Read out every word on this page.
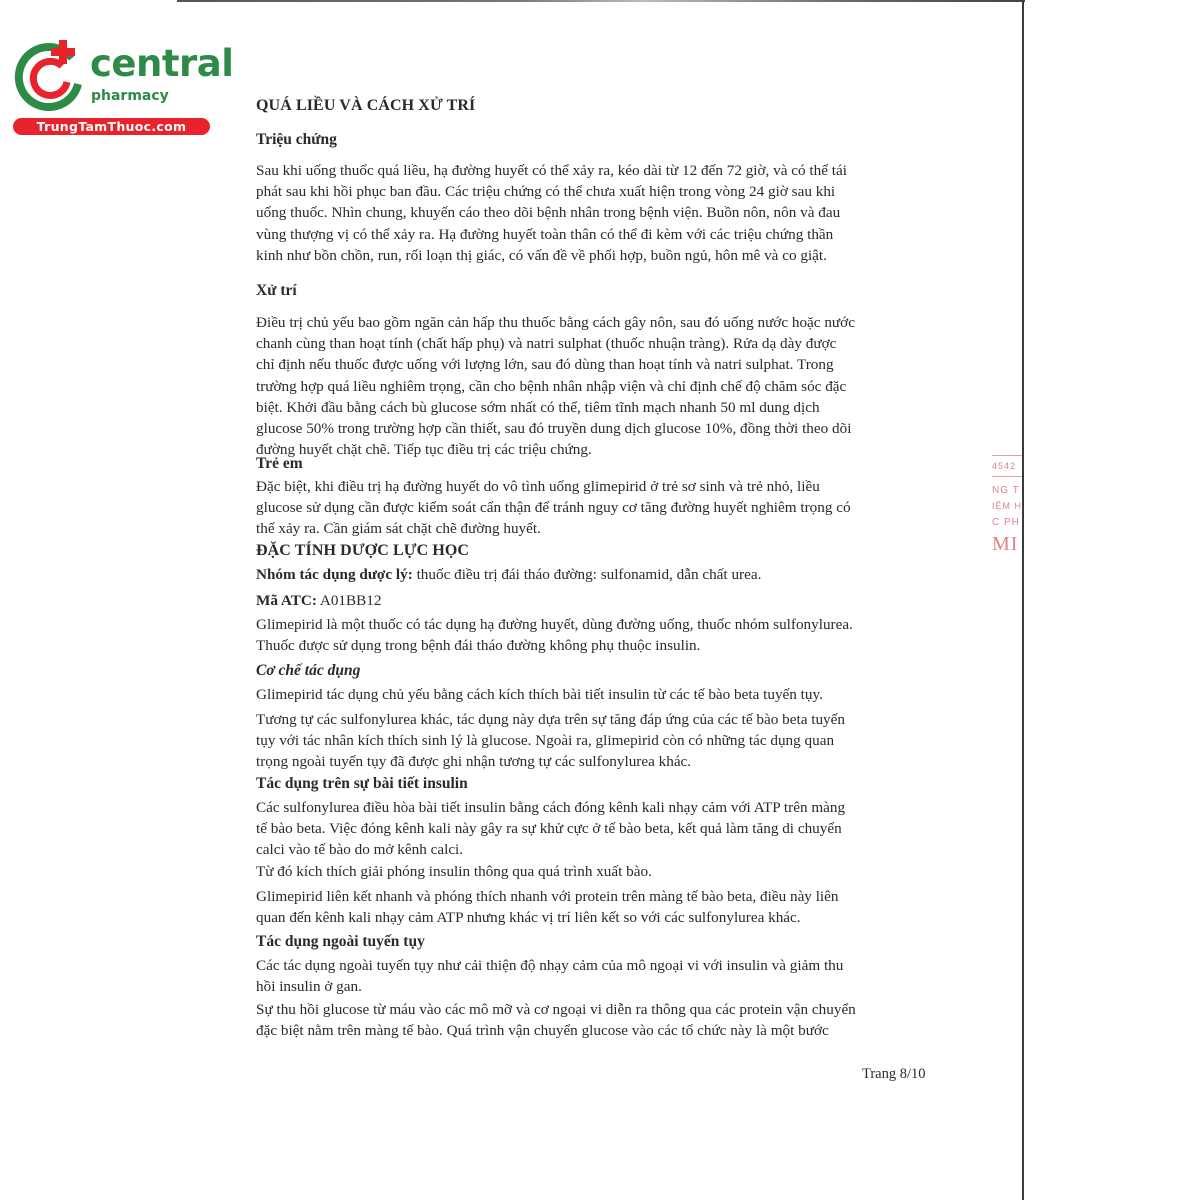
4542
NG T
IỆM H
C PH
MI
central
pharmacy
TrungTamThuoc.com
QUÁ LIỀU VÀ CÁCH XỬ TRÍ
Triệu chứng
Sau khi uống thuốc quá liều, hạ đường huyết có thể xảy ra, kéo dài từ 12 đến 72 giờ, và có thể tái
phát sau khi hồi phục ban đầu. Các triệu chứng có thể chưa xuất hiện trong vòng 24 giờ sau khi
uống thuốc. Nhìn chung, khuyến cáo theo dõi bệnh nhân trong bệnh viện. Buồn nôn, nôn và đau
vùng thượng vị có thể xảy ra. Hạ đường huyết toàn thân có thể đi kèm với các triệu chứng thần
kinh như bồn chồn, run, rối loạn thị giác, có vấn đề về phối hợp, buồn ngủ, hôn mê và co giật.
Xử trí
Điều trị chủ yếu bao gồm ngăn cản hấp thu thuốc bằng cách gây nôn, sau đó uống nước hoặc nước
chanh cùng than hoạt tính (chất hấp phụ) và natri sulphat (thuốc nhuận tràng). Rửa dạ dày được
chỉ định nếu thuốc được uống với lượng lớn, sau đó dùng than hoạt tính và natri sulphat. Trong
trường hợp quá liều nghiêm trọng, cần cho bệnh nhân nhập viện và chỉ định chế độ chăm sóc đặc
biệt. Khởi đầu bằng cách bù glucose sớm nhất có thể, tiêm tĩnh mạch nhanh 50 ml dung dịch
glucose 50% trong trường hợp cần thiết, sau đó truyền dung dịch glucose 10%, đồng thời theo dõi
đường huyết chặt chẽ. Tiếp tục điều trị các triệu chứng.
Trẻ em
Đặc biệt, khi điều trị hạ đường huyết do vô tình uống glimepirid ở trẻ sơ sinh và trẻ nhỏ, liều
glucose sử dụng cần được kiểm soát cẩn thận để tránh nguy cơ tăng đường huyết nghiêm trọng có
thể xảy ra. Cần giám sát chặt chẽ đường huyết.
ĐẶC TÍNH DƯỢC LỰC HỌC
Nhóm tác dụng dược lý: thuốc điều trị đái tháo đường: sulfonamid, dẫn chất urea.
Mã ATC: A01BB12
Glimepirid là một thuốc có tác dụng hạ đường huyết, dùng đường uống, thuốc nhóm sulfonylurea.
Thuốc được sử dụng trong bệnh đái tháo đường không phụ thuộc insulin.
Cơ chế tác dụng
Glimepirid tác dụng chủ yếu bằng cách kích thích bài tiết insulin từ các tế bào beta tuyến tụy.
Tương tự các sulfonylurea khác, tác dụng này dựa trên sự tăng đáp ứng của các tế bào beta tuyến
tụy với tác nhân kích thích sinh lý là glucose. Ngoài ra, glimepirid còn có những tác dụng quan
trọng ngoài tuyến tụy đã được ghi nhận tương tự các sulfonylurea khác.
Tác dụng trên sự bài tiết insulin
Các sulfonylurea điều hòa bài tiết insulin bằng cách đóng kênh kali nhạy cảm với ATP trên màng
tế bào beta. Việc đóng kênh kali này gây ra sự khử cực ở tế bào beta, kết quả làm tăng di chuyển
calci vào tế bào do mở kênh calci.
Từ đó kích thích giải phóng insulin thông qua quá trình xuất bào.
Glimepirid liên kết nhanh và phóng thích nhanh với protein trên màng tế bào beta, điều này liên
quan đến kênh kali nhạy cảm ATP nhưng khác vị trí liên kết so với các sulfonylurea khác.
Tác dụng ngoài tuyến tụy
Các tác dụng ngoài tuyến tụy như cải thiện độ nhạy cảm của mô ngoại vi với insulin và giảm thu
hồi insulin ở gan.
Sự thu hồi glucose từ máu vào các mô mỡ và cơ ngoại vi diễn ra thông qua các protein vận chuyển
đặc biệt nằm trên màng tế bào. Quá trình vận chuyển glucose vào các tổ chức này là một bước
Trang 8/10
